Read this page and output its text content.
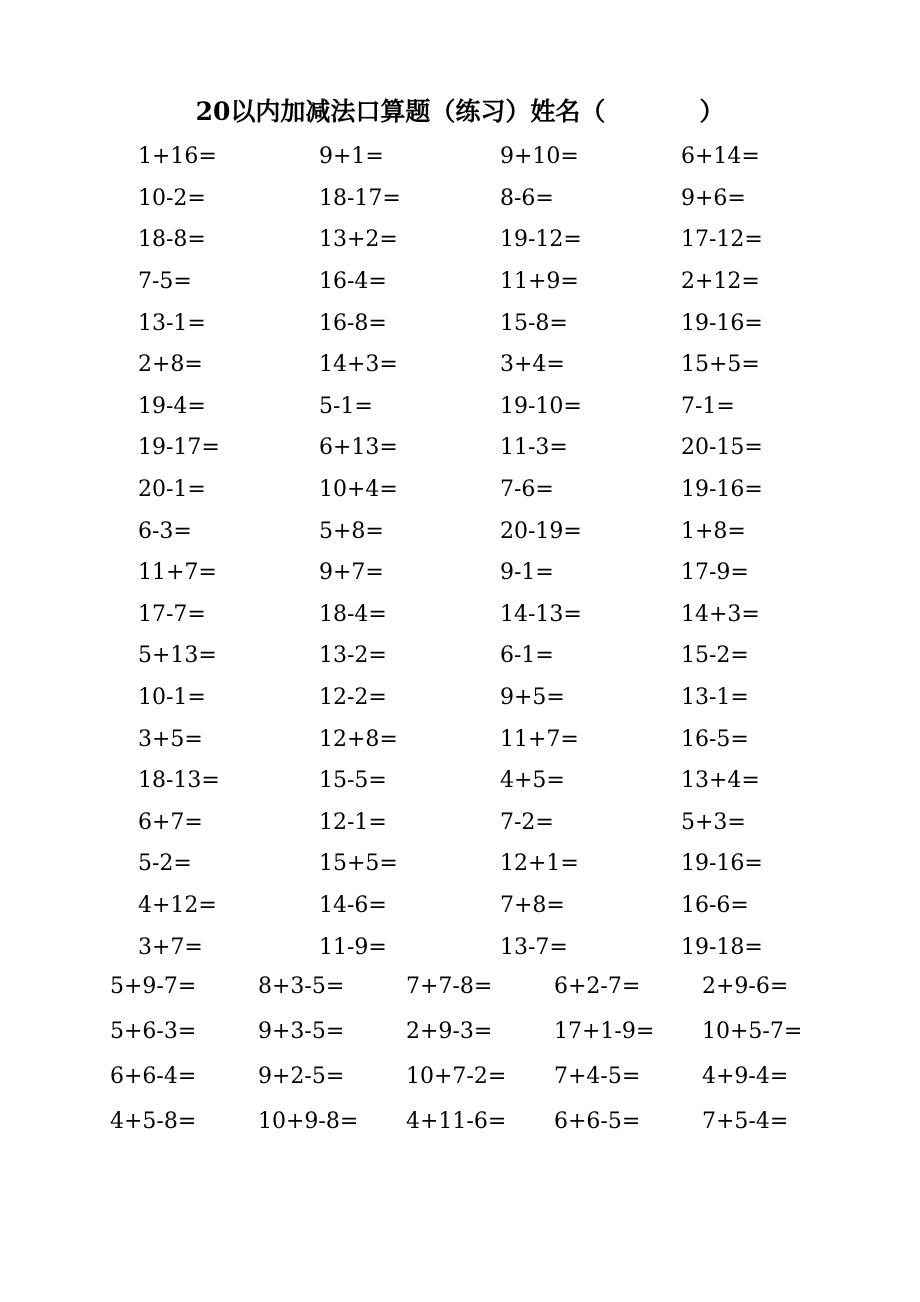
20以内加减法口算题（练习）姓名（	）
1+16=	9+1=	9+10=	6+14=
10-2=	18-17=	8-6=	9+6=
18-8=	13+2=	19-12=	17-12=
7-5=	16-4=	11+9=	2+12=
13-1=	16-8=	15-8=	19-16=
2+8=	14+3=	3+4=	15+5=
19-4=	5-1=	19-10=	7-1=
19-17=	6+13=	11-3=	20-15=
20-1=	10+4=	7-6=	19-16=
6-3=	5+8=	20-19=	1+8=
11+7=	9+7=	9-1=	17-9=
17-7=	18-4=	14-13=	14+3=
5+13=	13-2=	6-1=	15-2=
10-1=	12-2=	9+5=	13-1=
3+5=	12+8=	11+7=	16-5=
18-13=	15-5=	4+5=	13+4=
6+7=	12-1=	7-2=	5+3=
5-2=	15+5=	12+1=	19-16=
4+12=	14-6=	7+8=	16-6=
3+7=	11-9=	13-7=	19-18=
5+9-7=	8+3-5=	7+7-8=	6+2-7=	2+9-6=
5+6-3=	9+3-5=	2+9-3=	17+1-9=	10+5-7=
6+6-4=	9+2-5=	10+7-2=	7+4-5=	4+9-4=
4+5-8=	10+9-8=	4+11-6=	6+6-5=	7+5-4=
